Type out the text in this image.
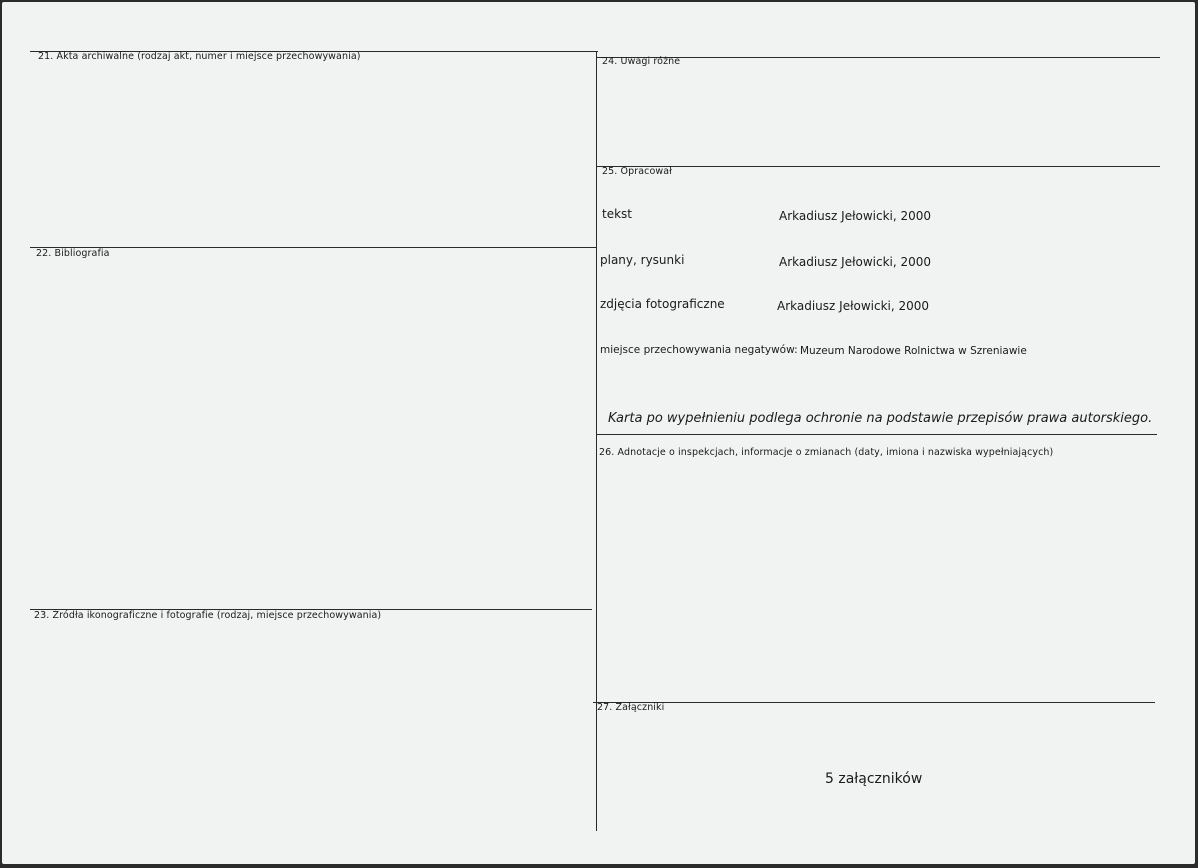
21. Akta archiwalne (rodzaj akt, numer i miejsce przechowywania)
22. Bibliografia
23. Źródła ikonograficzne i fotografie (rodzaj, miejsce przechowywania)
24. Uwagi różne
25. Opracował
tekst	Arkadiusz Jełowicki, 2000
plany, rysunki	Arkadiusz Jełowicki, 2000
zdjęcia fotograficzne	Arkadiusz Jełowicki, 2000
miejsce przechowywania negatywów: Muzeum Narodowe Rolnictwa w Szreniawie
Karta po wypełnieniu podlega ochronie na podstawie przepisów prawa autorskiego.
26. Adnotacje o inspekcjach, informacje o zmianach (daty, imiona i nazwiska wypełniających)
27. Załączniki
5 załączników
